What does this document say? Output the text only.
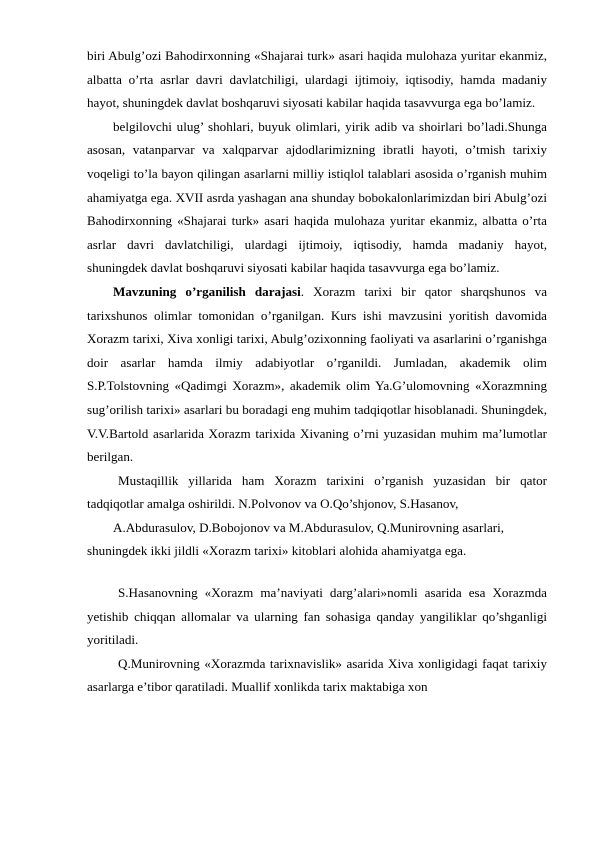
biri Abulg’ozi Bahodirxonning «Shajarai turk» asari haqida mulohaza yuritar ekanmiz, albatta o’rta asrlar davri davlatchiligi, ulardagi ijtimoiy, iqtisodiy, hamda madaniy hayot, shuningdek davlat boshqaruvi siyosati kabilar haqida tasavvurga ega bo’lamiz.

belgilovchi ulug’ shohlari, buyuk olimlari, yirik adib va shoirlari bo’ladi.Shunga asosan, vatanparvar va xalqparvar ajdodlarimizning ibratli hayoti, o’tmish tarixiy voqeligi to’la bayon qilingan asarlarni milliy istiqlol talablari asosida o’rganish muhim ahamiyatga ega. XVII asrda yashagan ana shunday bobokalonlarimizdan biri Abulg’ozi Bahodirxonning «Shajarai turk» asari haqida mulohaza yuritar ekanmiz, albatta o’rta asrlar davri davlatchiligi, ulardagi ijtimoiy, iqtisodiy, hamda madaniy hayot, shuningdek davlat boshqaruvi siyosati kabilar haqida tasavvurga ega bo’lamiz.

Mavzuning o’rganilish darajasi. Xorazm tarixi bir qator sharqshunos va tarixshunos olimlar tomonidan o’rganilgan. Kurs ishi mavzusini yoritish davomida Xorazm tarixi, Xiva xonligi tarixi, Abulg’ozixonning faoliyati va asarlarini o’rganishga doir asarlar hamda ilmiy adabiyotlar o’rganildi. Jumladan, akademik olim S.P.Tolstovning «Qadimgi Xorazm», akademik olim Ya.G’ulomovning «Xorazmning sug’orilish tarixi» asarlari bu boradagi eng muhim tadqiqotlar hisoblanadi. Shuningdek, V.V.Bartold asarlarida Xorazm tarixida Xivaning o’rni yuzasidan muhim ma’lumotlar berilgan.

Mustaqillik yillarida ham Xorazm tarixini o’rganish yuzasidan bir qator tadqiqotlar amalga oshirildi. N.Polvonov va O.Qo’shjonov, S.Hasanov,

A.Abdurasulov, D.Bobojonov va M.Abdurasulov, Q.Munirovning asarlari,

shuningdek ikki jildli «Xorazm tarixi» kitoblari alohida ahamiyatga ega.

S.Hasanovning «Xorazm ma’naviyati darg’alari»nomli asarida esa Xorazmda yetishib chiqqan allomalar va ularning fan sohasiga qanday yangiliklar qo’shganligi yoritiladi.

Q.Munirovning «Xorazmda tarixnavislik» asarida Xiva xonligidagi faqat tarixiy asarlarga e’tibor qaratiladi. Muallif xonlikda tarix maktabiga xon
